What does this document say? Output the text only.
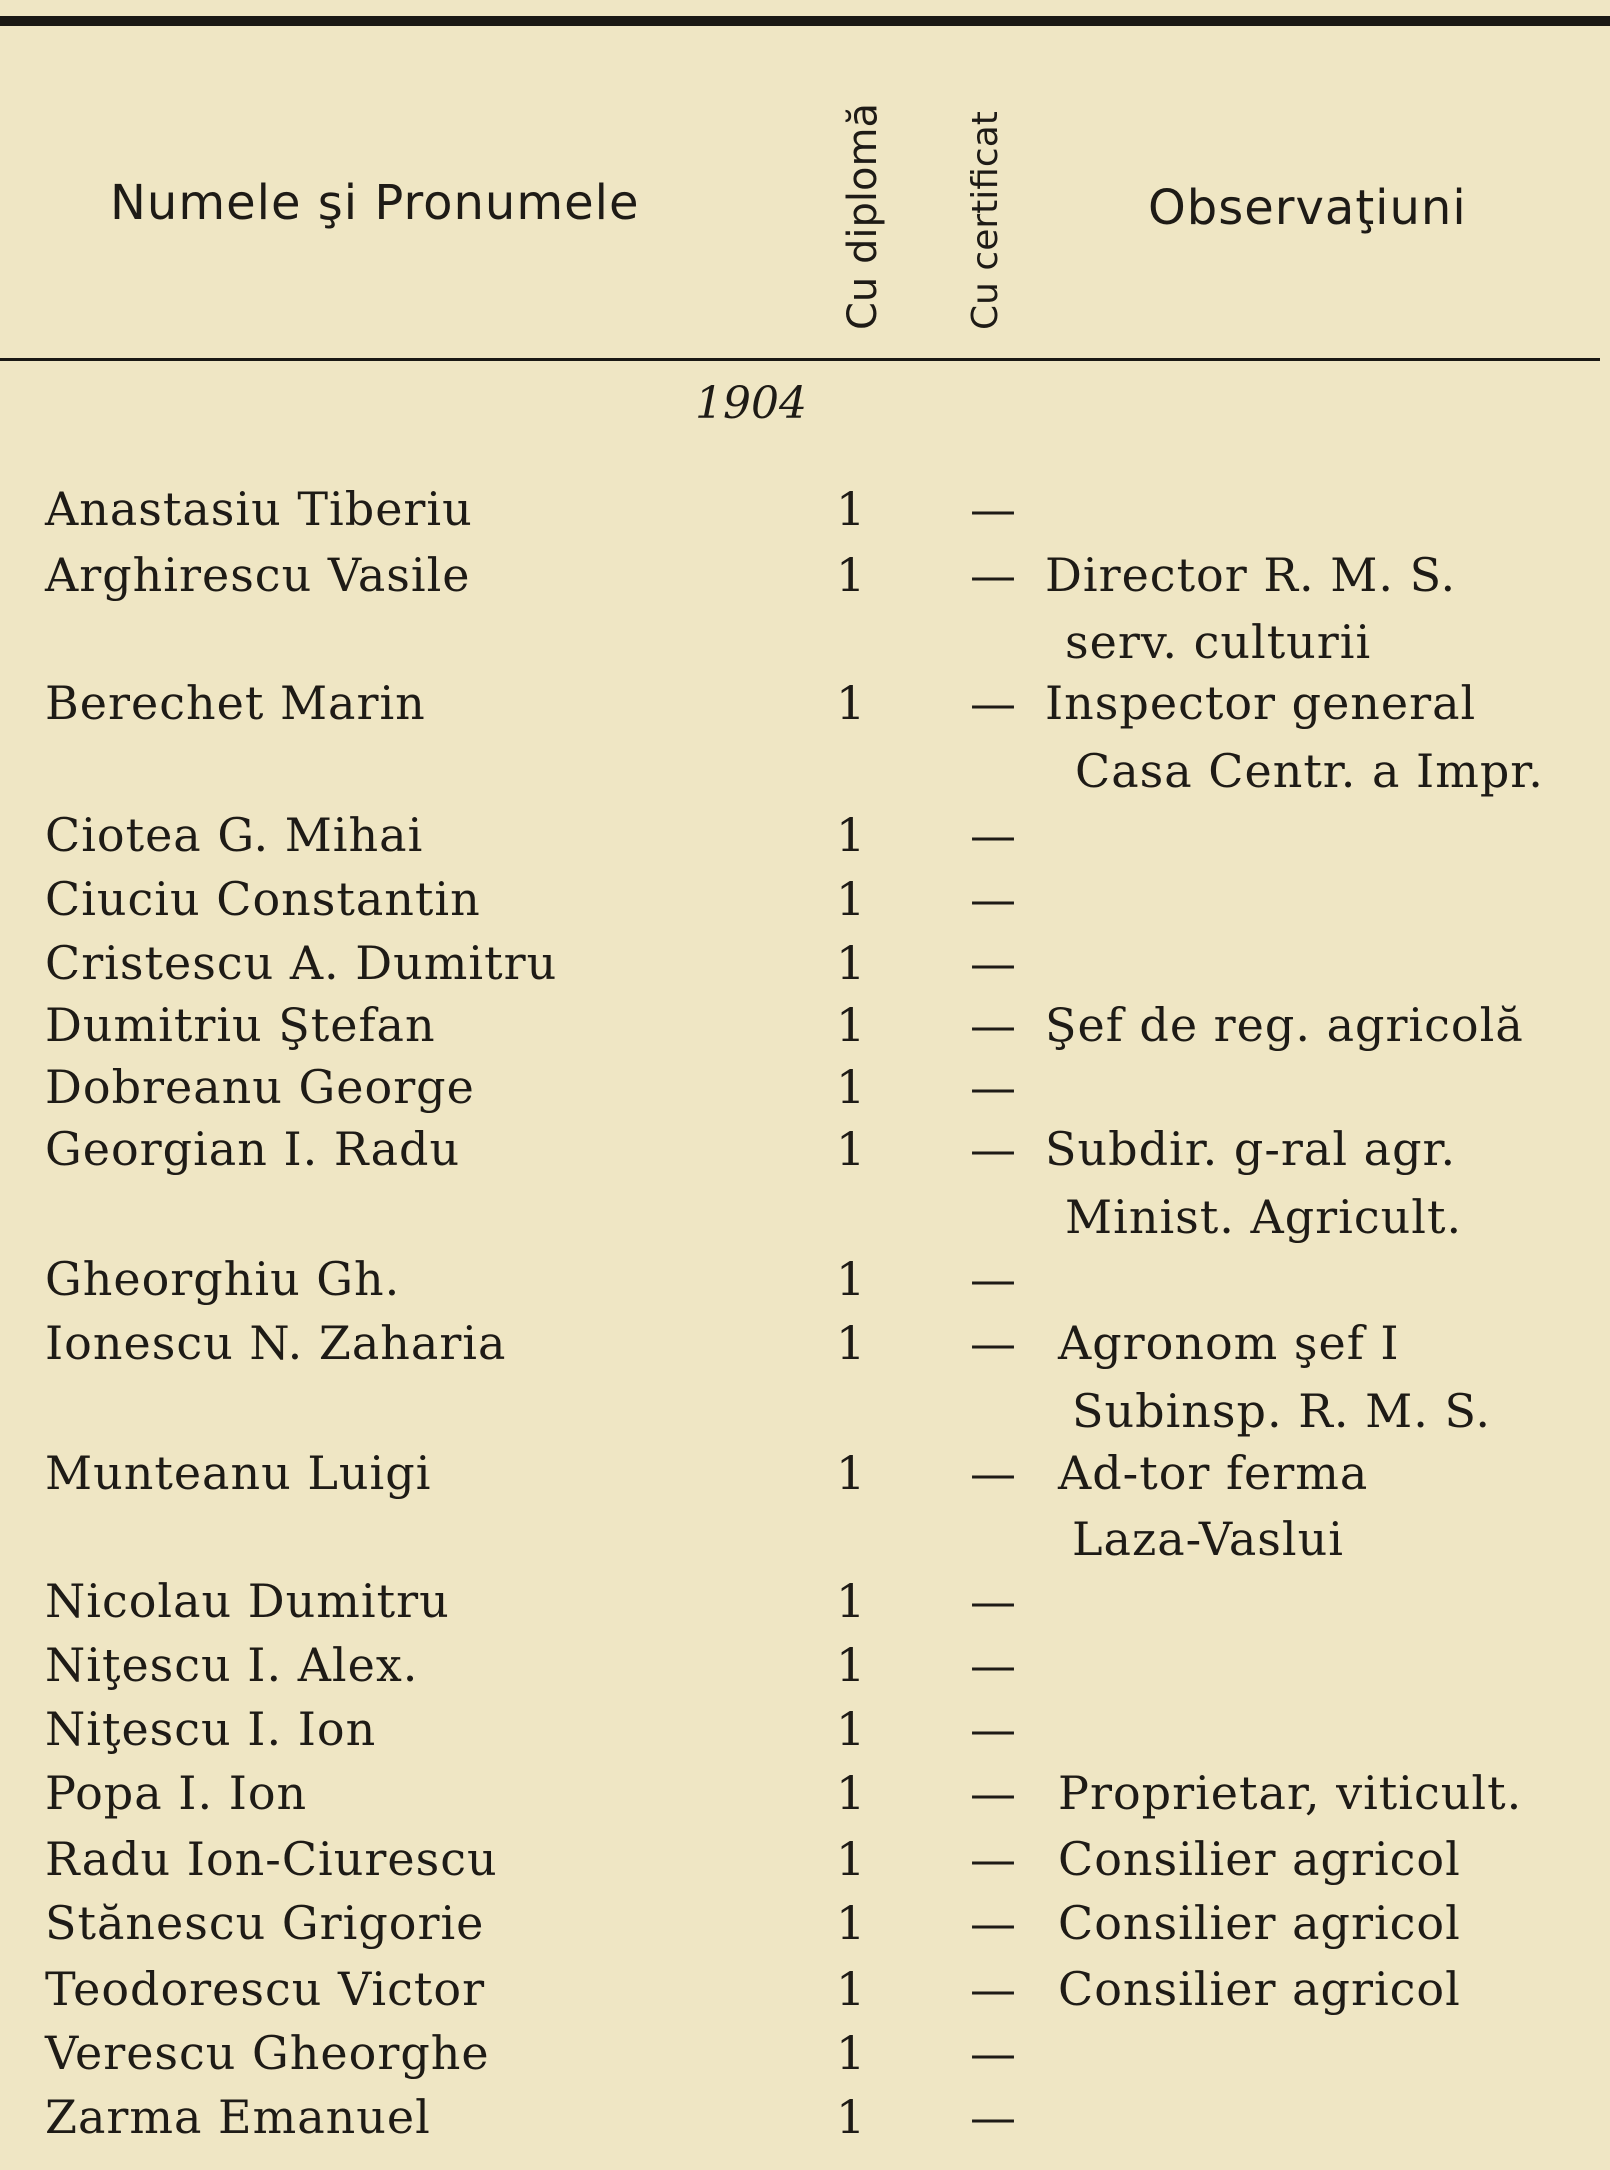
Numele şi Pronumele	Cu diplomă Cu certificat	Observaţiuni
1904
Anastasiu Tiberiu	1 —
Arghirescu Vasile	1 — Director R. M. S.
serv. culturii
Berechet Marin	1 — Inspector general
Casa Centr. a Impr.
Ciotea G. Mihai	1 —
Ciuciu Constantin	1 —
Cristescu A. Dumitru	1 —
Dumitriu Ştefan	1 — Şef de reg. agricolă
Dobreanu George	1 —
Georgian I. Radu	1 — Subdir. g-ral agr.
Minist. Agricult.
Gheorghiu Gh.	1 —
Ionescu N. Zaharia	1 — Agronom şef I
Subinsp. R. M. S.
Munteanu Luigi	1 — Ad-tor ferma
Laza-Vaslui
Nicolau Dumitru	1 —
Niţescu I. Alex.	1 —
Niţescu I. Ion	1 —
Popa I. Ion	1 — Proprietar, viticult.
Radu Ion-Ciurescu	1 — Consilier agricol
Stănescu Grigorie	1 — Consilier agricol
Teodorescu Victor	1 — Consilier agricol
Verescu Gheorghe	1 —
Zarma Emanuel	1 —
